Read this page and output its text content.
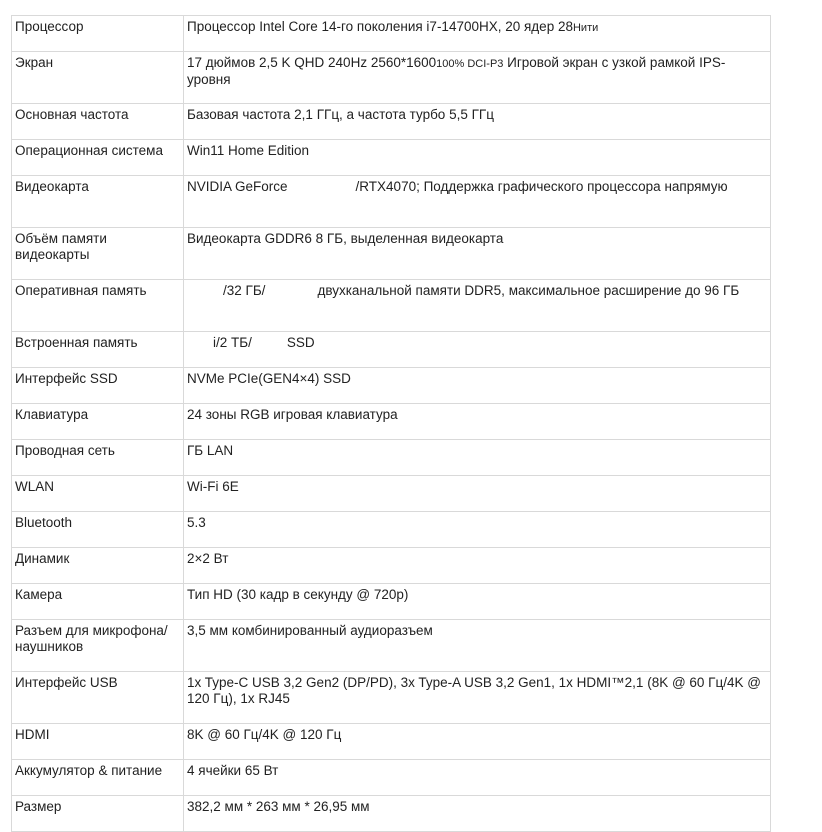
Процессор	Процессор Intel Core 14-го поколения i7-14700HX, 20 ядер 28Нити
Экран	17 дюймов 2,5 K QHD 240Hz 2560*1600100% DCI-P3 Игровой экран с узкой рамкой IPS-уровня
Основная частота	Базовая частота 2,1 ГГц, а частота турбо 5,5 ГГц
Операционная система	Win11 Home Edition
Видеокарта	NVIDIA GeForce /RTX4070; Поддержка графического процессора напрямую
Объём памяти видеокарты	Видеокарта GDDR6 8 ГБ, выделенная видеокарта
Оперативная память	/32 ГБ/ двухканальной памяти DDR5, максимальное расширение до 96 ГБ
Встроенная память	і/2 ТБ/ SSD
Интерфейс SSD	NVMe PCIe(GEN4×4) SSD
Клавиатура	24 зоны RGB игровая клавиатура
Проводная сеть	ГБ LAN
WLAN	Wi-Fi 6E
Bluetooth	5.3
Динамик	2×2 Вт
Камера	Тип HD (30 кадр в секунду @ 720p)
Разъем для микрофона/наушников	3,5 мм комбинированный аудиоразъем
Интерфейс USB	1x Type-C USB 3,2 Gen2 (DP/PD), 3x Type-A USB 3,2 Gen1, 1x HDMI™2,1 (8K @ 60 Гц/4K @ 120 Гц), 1x RJ45
HDMI	8K @ 60 Гц/4K @ 120 Гц
Аккумулятор & питание	4 ячейки 65 Вт
Размер	382,2 мм * 263 мм * 26,95 мм
